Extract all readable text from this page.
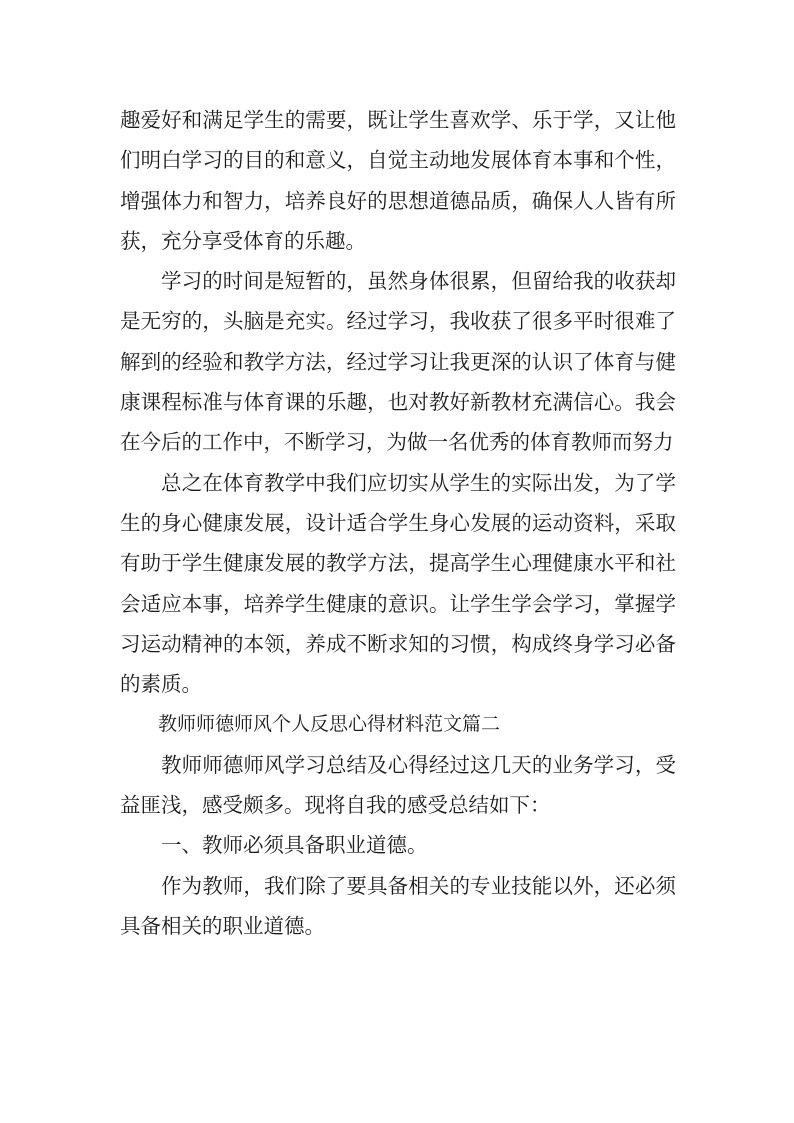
趣爱好和满足学生的需要，既让学生喜欢学、乐于学，又让他们明白学习的目的和意义，自觉主动地发展体育本事和个性，增强体力和智力，培养良好的思想道德品质，确保人人皆有所获，充分享受体育的乐趣。

学习的时间是短暂的，虽然身体很累，但留给我的收获却是无穷的，头脑是充实。经过学习，我收获了很多平时很难了解到的经验和教学方法，经过学习让我更深的认识了体育与健康课程标准与体育课的乐趣，也对教好新教材充满信心。我会在今后的工作中，不断学习，为做一名优秀的体育教师而努力

总之在体育教学中我们应切实从学生的实际出发，为了学生的身心健康发展，设计适合学生身心发展的运动资料，采取有助于学生健康发展的教学方法，提高学生心理健康水平和社会适应本事，培养学生健康的意识。让学生学会学习，掌握学习运动精神的本领，养成不断求知的习惯，构成终身学习必备的素质。

教师师德师风个人反思心得材料范文篇二

教师师德师风学习总结及心得经过这几天的业务学习，受益匪浅，感受颇多。现将自我的感受总结如下：

一、教师必须具备职业道德。

作为教师，我们除了要具备相关的专业技能以外，还必须具备相关的职业道德。
